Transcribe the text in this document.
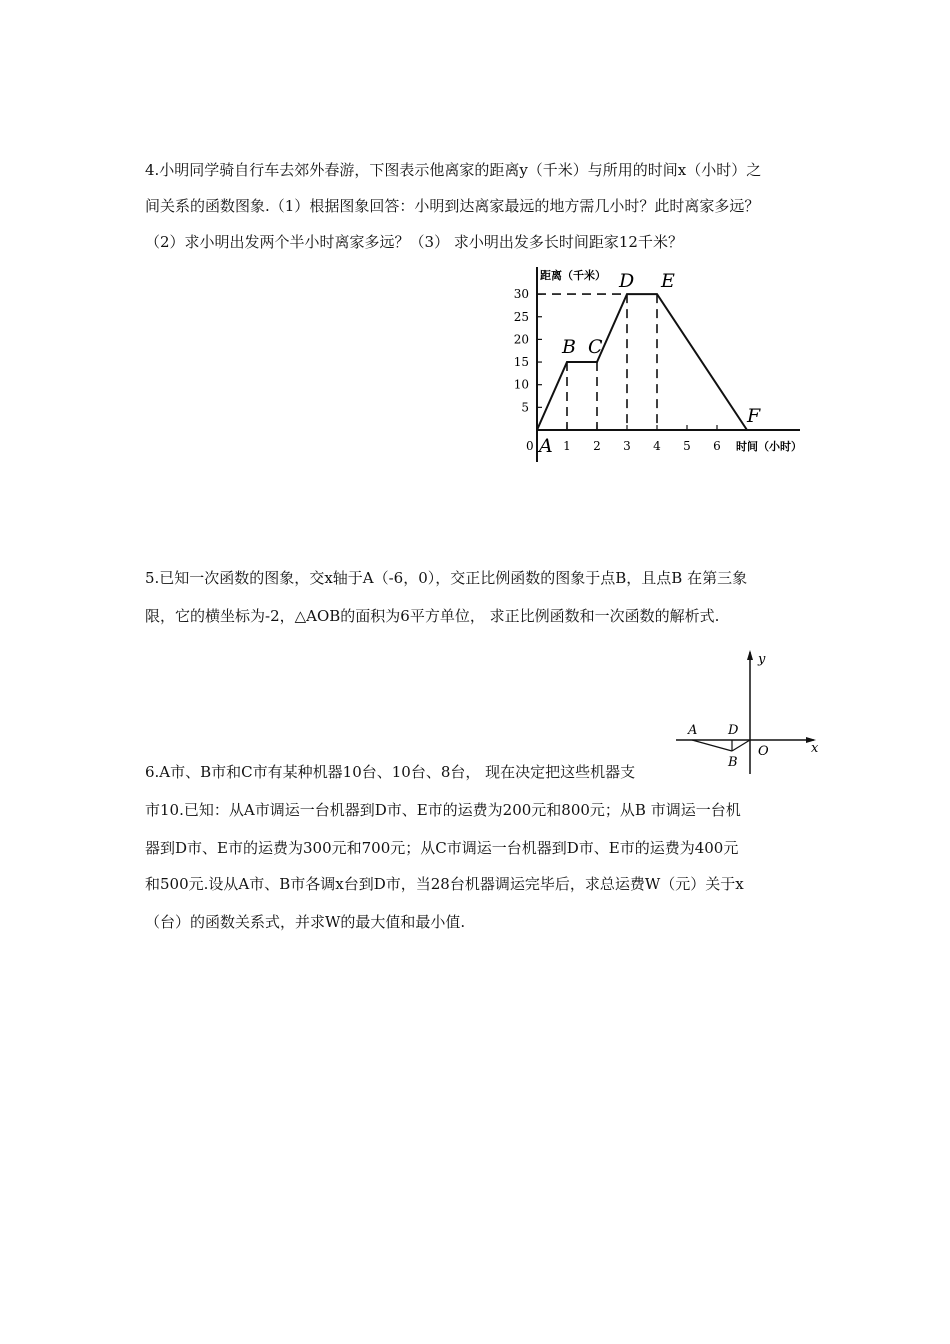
4.小明同学骑自行车去郊外春游，下图表示他离家的距离y（千米）与所用的时间x（小时）之
间关系的函数图象.（1）根据图象回答：小明到达离家最远的地方需几小时？此时离家多远？
（2）求小明出发两个半小时离家多远？（3） 求小明出发多长时间距家12千米？
距离（千米）
时间（小时）
0
5
10
15
20
25
30
1 2 3 4 5 6
A
B C
D E
F
5.已知一次函数的图象，交x轴于A（-6，0），交正比例函数的图象于点B，且点B 在第三象
限，它的横坐标为-2，△AOB的面积为6平方单位， 求正比例函数和一次函数的解析式.
6.A市、B市和C市有某种机器10台、10台、8台， 现在决定把这些机器支
市10.已知：从A市调运一台机器到D市、E市的运费为200元和800元；从B 市调运一台机
器到D市、E市的运费为300元和700元；从C市调运一台机器到D市、E市的运费为400元
和500元.设从A市、B市各调x台到D市，当28台机器调运完毕后，求总运费W（元）关于x
（台）的函数关系式，并求W的最大值和最小值.
y
x
A D
O
B
